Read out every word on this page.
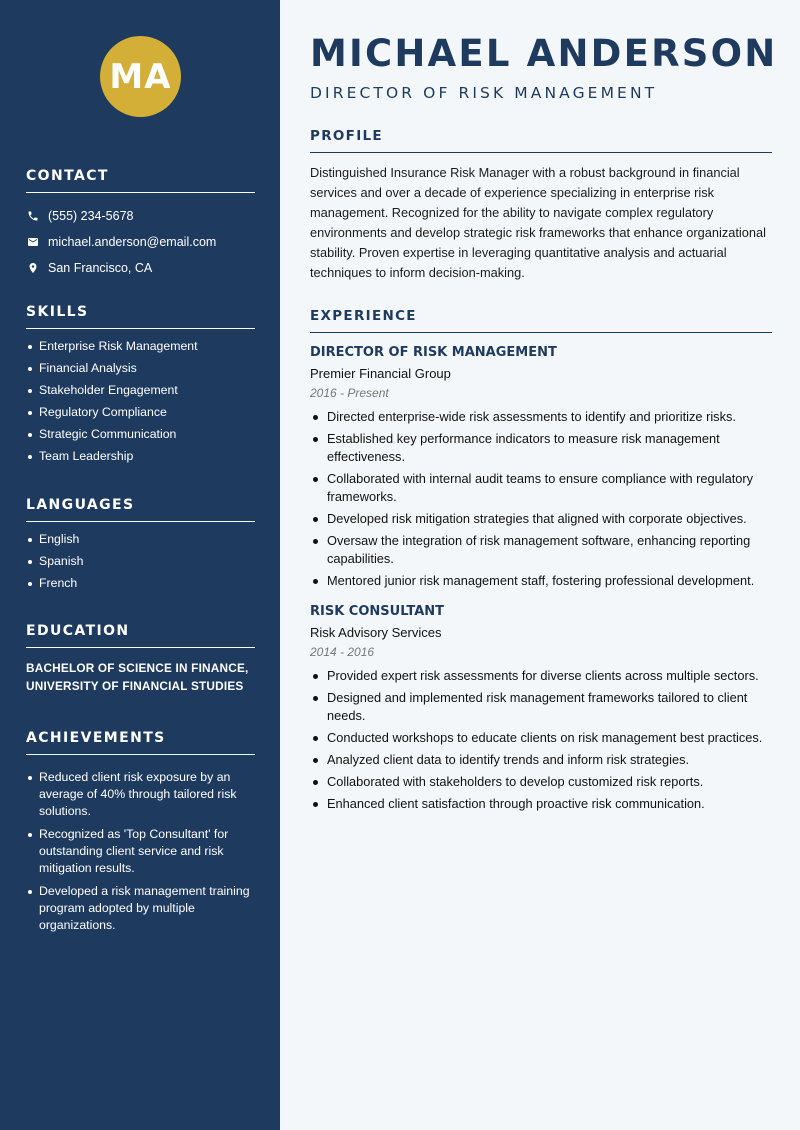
MA
CONTACT
(555) 234-5678
michael.anderson@email.com
San Francisco, CA
SKILLS
Enterprise Risk Management
Financial Analysis
Stakeholder Engagement
Regulatory Compliance
Strategic Communication
Team Leadership
LANGUAGES
English
Spanish
French
EDUCATION
BACHELOR OF SCIENCE IN FINANCE, UNIVERSITY OF FINANCIAL STUDIES
ACHIEVEMENTS
Reduced client risk exposure by an average of 40% through tailored risk solutions.
Recognized as 'Top Consultant' for outstanding client service and risk mitigation results.
Developed a risk management training program adopted by multiple organizations.
MICHAEL ANDERSON
DIRECTOR OF RISK MANAGEMENT
PROFILE

Distinguished Insurance Risk Manager with a robust background in financial services and over a decade of experience specializing in enterprise risk management. Recognized for the ability to navigate complex regulatory environments and develop strategic risk frameworks that enhance organizational stability. Proven expertise in leveraging quantitative analysis and actuarial techniques to inform decision-making.

EXPERIENCE
DIRECTOR OF RISK MANAGEMENT
Premier Financial Group
2016 - Present
Directed enterprise-wide risk assessments to identify and prioritize risks.
Established key performance indicators to measure risk management effectiveness.
Collaborated with internal audit teams to ensure compliance with regulatory frameworks.
Developed risk mitigation strategies that aligned with corporate objectives.
Oversaw the integration of risk management software, enhancing reporting capabilities.
Mentored junior risk management staff, fostering professional development.
RISK CONSULTANT
Risk Advisory Services
2014 - 2016
Provided expert risk assessments for diverse clients across multiple sectors.
Designed and implemented risk management frameworks tailored to client needs.
Conducted workshops to educate clients on risk management best practices.
Analyzed client data to identify trends and inform risk strategies.
Collaborated with stakeholders to develop customized risk reports.
Enhanced client satisfaction through proactive risk communication.
